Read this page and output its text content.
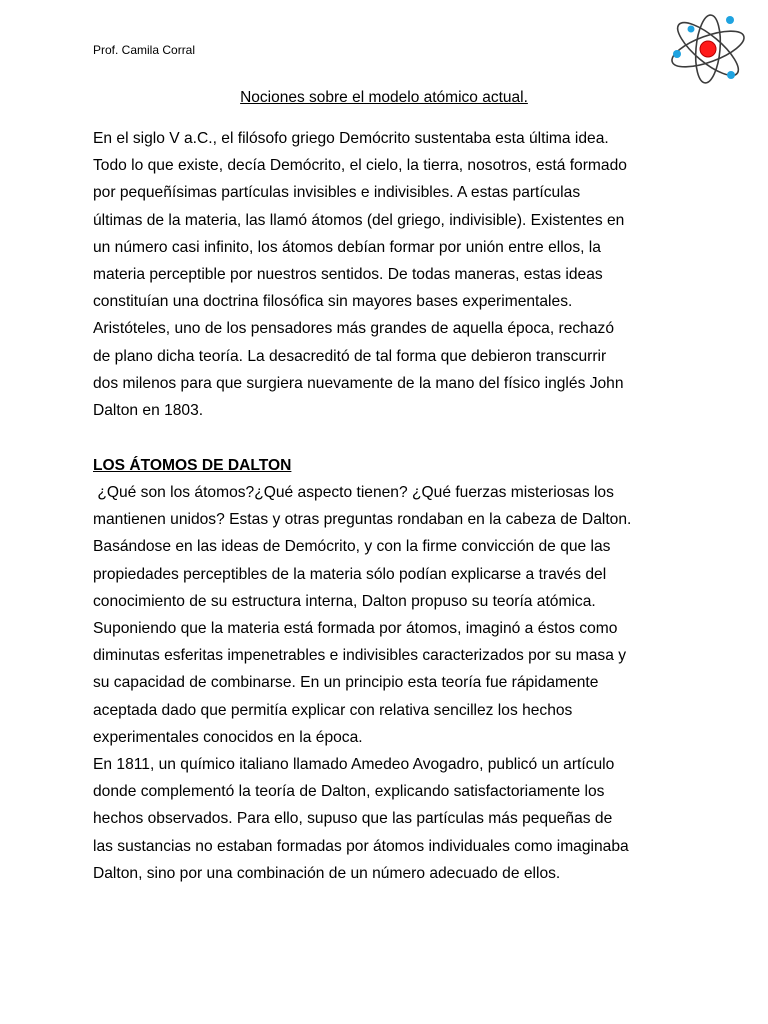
Prof. Camila Corral
Nociones sobre el modelo atómico actual.
En el siglo V a.C., el filósofo griego Demócrito sustentaba esta última idea.
Todo lo que existe, decía Demócrito, el cielo, la tierra, nosotros, está formado
por pequeñísimas partículas invisibles e indivisibles. A estas partículas
últimas de la materia, las llamó átomos (del griego, indivisible). Existentes en
un número casi infinito, los átomos debían formar por unión entre ellos, la
materia perceptible por nuestros sentidos. De todas maneras, estas ideas
constituían una doctrina filosófica sin mayores bases experimentales.
Aristóteles, uno de los pensadores más grandes de aquella época, rechazó
de plano dicha teoría. La desacreditó de tal forma que debieron transcurrir
dos milenos para que surgiera nuevamente de la mano del físico inglés John
Dalton en 1803.
LOS ÁTOMOS DE DALTON
¿Qué son los átomos?¿Qué aspecto tienen? ¿Qué fuerzas misteriosas los
mantienen unidos? Estas y otras preguntas rondaban en la cabeza de Dalton.
Basándose en las ideas de Demócrito, y con la firme convicción de que las
propiedades perceptibles de la materia sólo podían explicarse a través del
conocimiento de su estructura interna, Dalton propuso su teoría atómica.
Suponiendo que la materia está formada por átomos, imaginó a éstos como
diminutas esferitas impenetrables e indivisibles caracterizados por su masa y
su capacidad de combinarse. En un principio esta teoría fue rápidamente
aceptada dado que permitía explicar con relativa sencillez los hechos
experimentales conocidos en la época.
En 1811, un químico italiano llamado Amedeo Avogadro, publicó un artículo
donde complementó la teoría de Dalton, explicando satisfactoriamente los
hechos observados. Para ello, supuso que las partículas más pequeñas de
las sustancias no estaban formadas por átomos individuales como imaginaba
Dalton, sino por una combinación de un número adecuado de ellos.
